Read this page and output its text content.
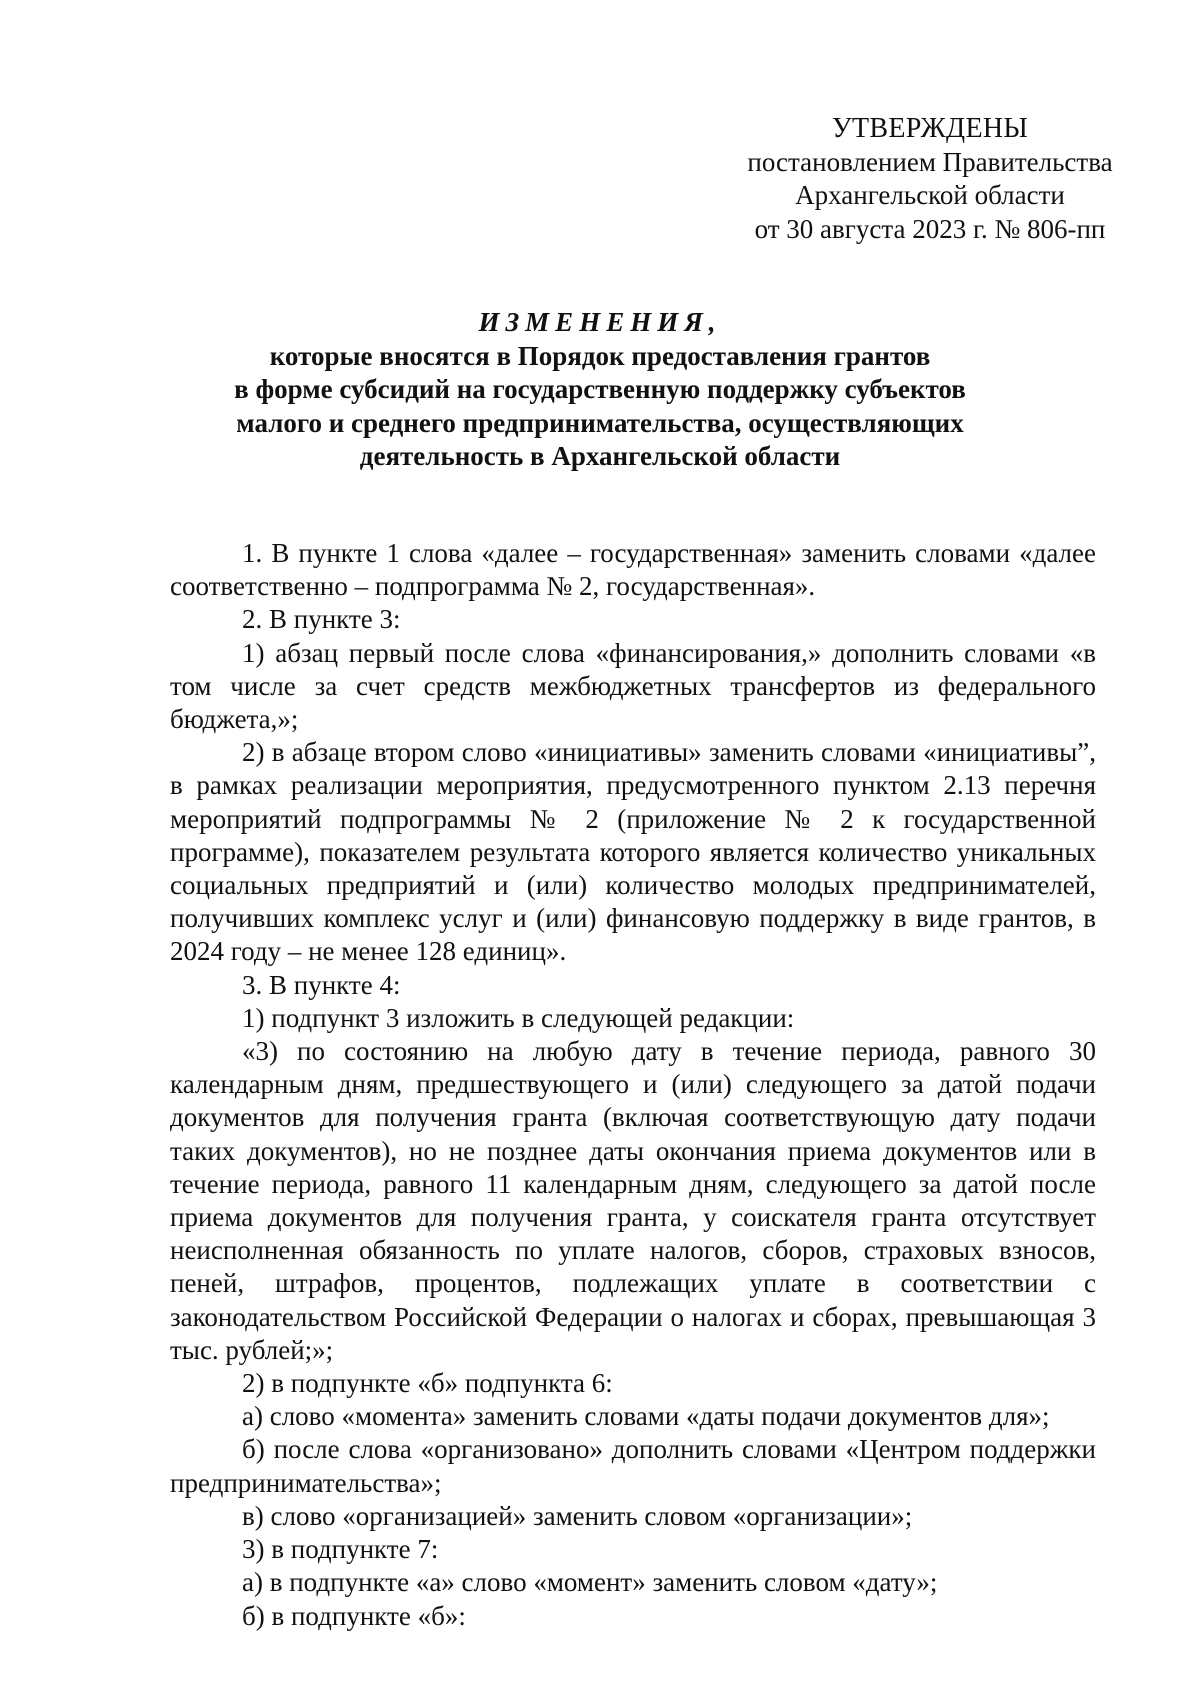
УТВЕРЖДЕНЫ
постановлением Правительства
Архангельской области
от 30 августа 2023 г. № 806-пп
ИЗМЕНЕНИЯ,
которые вносятся в Порядок предоставления грантов
в форме субсидий на государственную поддержку субъектов
малого и среднего предпринимательства, осуществляющих
деятельность в Архангельской области

1. В пункте 1 слова «далее – государственная» заменить словами «далее соответственно – подпрограмма № 2, государственная».

2. В пункте 3:

1) абзац первый после слова «финансирования,» дополнить словами «в том числе за счет средств межбюджетных трансфертов из федерального бюджета,»;

2) в абзаце втором слово «инициативы» заменить словами «инициативы”, в рамках реализации мероприятия, предусмотренного пунктом 2.13 перечня мероприятий подпрограммы № 2 (приложение № 2 к государственной программе), показателем результата которого является количество уникальных социальных предприятий и (или) количество молодых предпринимателей, получивших комплекс услуг и (или) финансовую поддержку в виде грантов, в 2024 году – не менее 128 единиц».

3. В пункте 4:

1) подпункт 3 изложить в следующей редакции:

«3) по состоянию на любую дату в течение периода, равного 30 календарным дням, предшествующего и (или) следующего за датой подачи документов для получения гранта (включая соответствующую дату подачи таких документов), но не позднее даты окончания приема документов или в течение периода, равного 11 календарным дням, следующего за датой после приема документов для получения гранта, у соискателя гранта отсутствует неисполненная обязанность по уплате налогов, сборов, страховых взносов, пеней, штрафов, процентов, подлежащих уплате в соответствии с законодательством Российской Федерации о налогах и сборах, превышающая 3 тыс. рублей;»;

2) в подпункте «б» подпункта 6:

а) слово «момента» заменить словами «даты подачи документов для»;

б) после слова «организовано» дополнить словами «Центром поддержки предпринимательства»;

в) слово «организацией» заменить словом «организации»;

3) в подпункте 7:

а) в подпункте «а» слово «момент» заменить словом «дату»;

б) в подпункте «б»:
